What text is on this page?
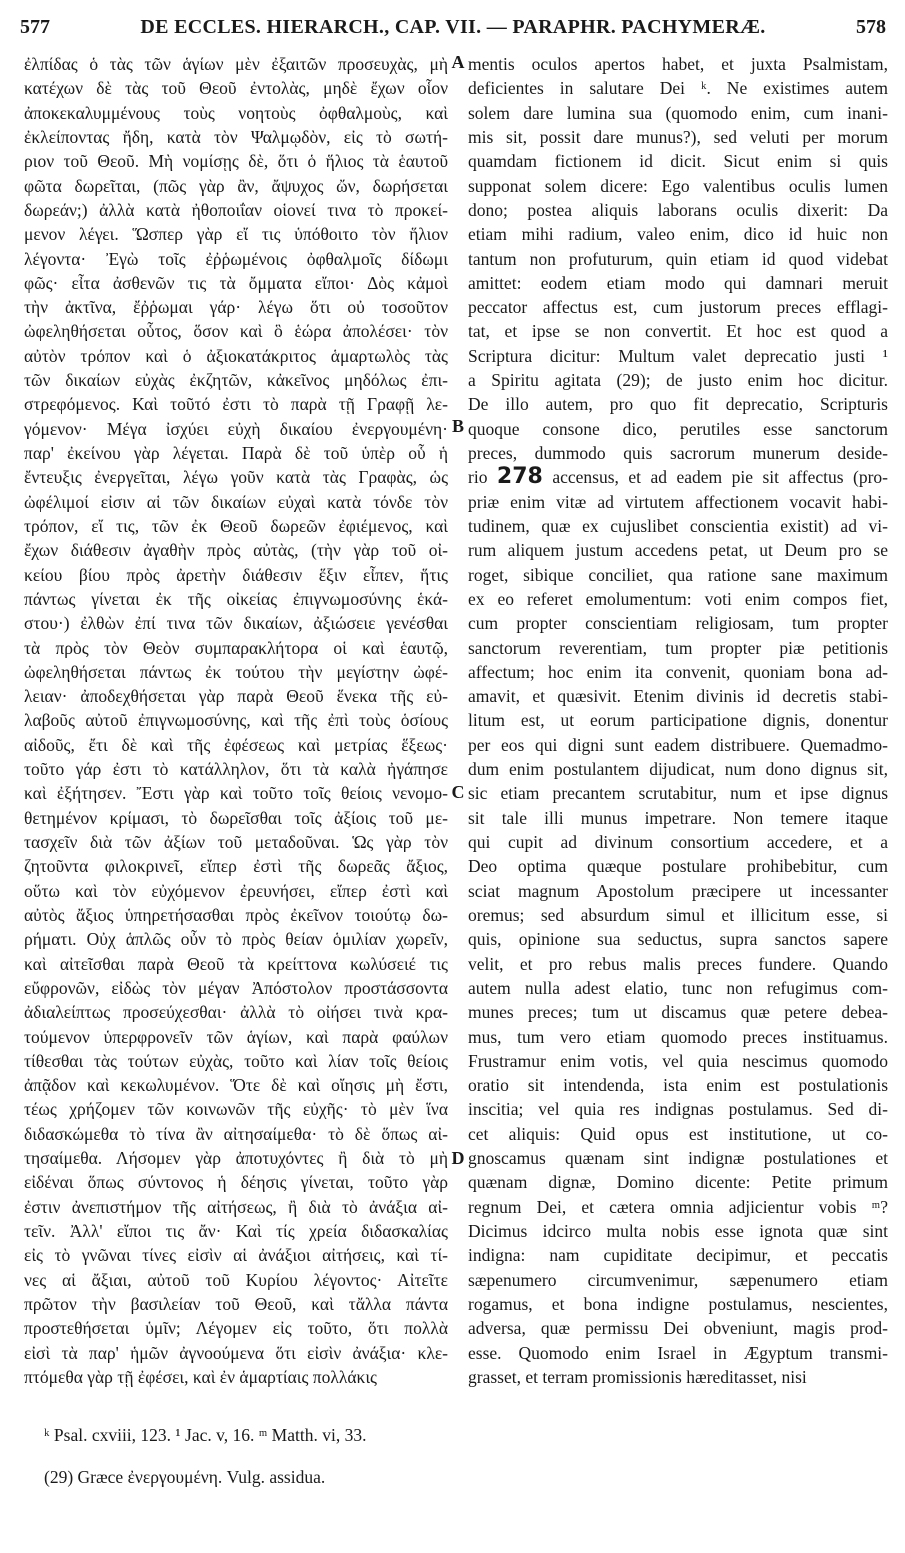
577	DE ECCLES. HIERARCH., CAP. VII. — PARAPHR. PACHYMERÆ.	578
ἐλπίδας ὁ τὰς τῶν ἁγίων μὲν ἐξαιτῶν προσευχὰς, μὴ
κατέχων δὲ τὰς τοῦ Θεοῦ ἐντολὰς, μηδὲ ἔχων οἷον
ἀποκεκαλυμμένους τοὺς νοητοὺς ὀφθαλμοὺς, καὶ
ἐκλείποντας ἤδη, κατὰ τὸν Ψαλμῳδὸν, εἰς τὸ σωτή-
ριον τοῦ Θεοῦ. Μὴ νομίσῃς δὲ, ὅτι ὁ ἥλιος τὰ ἑαυτοῦ
φῶτα δωρεῖται, (πῶς γὰρ ἂν, ἄψυχος ὤν, δωρήσεται
δωρεάν;) ἀλλὰ κατὰ ἠθοποιΐαν οἱονεί τινα τὸ προκεί-
μενον λέγει. Ὥσπερ γὰρ εἴ τις ὑπόθοιτο τὸν ἥλιον
λέγοντα· Ἐγὼ τοῖς ἐῤῥωμένοις ὀφθαλμοῖς δίδωμι
φῶς· εἶτα ἀσθενῶν τις τὰ ὄμματα εἴποι· Δὸς κἀμοὶ
τὴν ἀκτῖνα, ἔῤῥωμαι γάρ· λέγω ὅτι οὐ τοσοῦτον
ὠφεληθήσεται οὗτος, ὅσον καὶ ὃ ἑώρα ἀπολέσει· τὸν
αὐτὸν τρόπον καὶ ὁ ἀξιοκατάκριτος ἁμαρτωλὸς τὰς
τῶν δικαίων εὐχὰς ἐκζητῶν, κἀκεῖνος μηδόλως ἐπι-
στρεφόμενος. Καὶ τοῦτό ἐστι τὸ παρὰ τῇ Γραφῇ λε-
γόμενον· Μέγα ἰσχύει εὐχὴ δικαίου ἐνεργουμένη·
παρ' ἐκείνου γὰρ λέγεται. Παρὰ δὲ τοῦ ὑπὲρ οὗ ἡ
ἔντευξις ἐνεργεῖται, λέγω γοῦν κατὰ τὰς Γραφὰς, ὡς
ὠφέλιμοί εἰσιν αἱ τῶν δικαίων εὐχαὶ κατὰ τόνδε τὸν
τρόπον, εἴ τις, τῶν ἐκ Θεοῦ δωρεῶν ἐφιέμενος, καὶ
ἔχων διάθεσιν ἀγαθὴν πρὸς αὐτὰς, (τὴν γὰρ τοῦ οἰ-
κείου βίου πρὸς ἀρετὴν διάθεσιν ἕξιν εἶπεν, ἥτις
πάντως γίνεται ἐκ τῆς οἰκείας ἐπιγνωμοσύνης ἑκά-
στου·) ἐλθὼν ἐπί τινα τῶν δικαίων, ἀξιώσειε γενέσθαι
τὰ πρὸς τὸν Θεὸν συμπαρακλήτορα οἱ καὶ ἑαυτῷ,
ὠφεληθήσεται πάντως ἐκ τούτου τὴν μεγίστην ὠφέ-
λειαν· ἀποδεχθήσεται γὰρ παρὰ Θεοῦ ἕνεκα τῆς εὐ-
λαβοῦς αὐτοῦ ἐπιγνωμοσύνης, καὶ τῆς ἐπὶ τοὺς ὁσίους
αἰδοῦς, ἔτι δὲ καὶ τῆς ἐφέσεως καὶ μετρίας ἕξεως·
τοῦτο γάρ ἐστι τὸ κατάλληλον, ὅτι τὰ καλὰ ἠγάπησε
καὶ ἐξήτησεν. Ἔστι γὰρ καὶ τοῦτο τοῖς θείοις νενομο-
θετημένον κρίμασι, τὸ δωρεῖσθαι τοῖς ἀξίοις τοῦ με-
τασχεῖν διὰ τῶν ἀξίων τοῦ μεταδοῦναι. Ὡς γὰρ τὸν
ζητοῦντα φιλοκρινεῖ, εἴπερ ἐστὶ τῆς δωρεᾶς ἄξιος,
οὕτω καὶ τὸν εὐχόμενον ἐρευνήσει, εἴπερ ἐστὶ καὶ
αὐτὸς ἄξιος ὑπηρετήσασθαι πρὸς ἐκεῖνον τοιούτῳ δω-
ρήματι. Οὐχ ἁπλῶς οὖν τὸ πρὸς θείαν ὁμιλίαν χωρεῖν,
καὶ αἰτεῖσθαι παρὰ Θεοῦ τὰ κρείττονα κωλύσειέ τις
εὔφρονῶν, εἰδὼς τὸν μέγαν Ἀπόστολον προστάσσοντα
ἀδιαλείπτως προσεύχεσθαι· ἀλλὰ τὸ οἰήσει τινὰ κρα-
τούμενον ὑπερφρονεῖν τῶν ἁγίων, καὶ παρὰ φαύλων
τίθεσθαι τὰς τούτων εὐχὰς, τοῦτο καὶ λίαν τοῖς θείοις
ἀπᾷδον καὶ κεκωλυμένον. Ὅτε δὲ καὶ οἴησις μὴ ἔστι,
τέως χρήζομεν τῶν κοινωνῶν τῆς εὐχῆς· τὸ μὲν ἵνα
διδασκώμεθα τὸ τίνα ἂν αἰτησαίμεθα· τὸ δὲ ὅπως αἰ-
τησαίμεθα. Λήσομεν γὰρ ἀποτυχόντες ἢ διὰ τὸ μὴ
εἰδέναι ὅπως σύντονος ἡ δέησις γίνεται, τοῦτο γὰρ
ἐστιν ἀνεπιστήμον τῆς αἰτήσεως, ἢ διὰ τὸ ἀνάξια αἰ-
τεῖν. Ἀλλ' εἴποι τις ἄν· Καὶ τίς χρεία διδασκαλίας
εἰς τὸ γνῶναι τίνες εἰσὶν αἱ ἀνάξιοι αἰτήσεις, καὶ τί-
νες αἱ ἄξιαι, αὐτοῦ τοῦ Κυρίου λέγοντος· Αἰτεῖτε
πρῶτον τὴν βασιλείαν τοῦ Θεοῦ, καὶ τἄλλα πάντα
προστεθήσεται ὑμῖν; Λέγομεν εἰς τοῦτο, ὅτι πολλὰ
εἰσὶ τὰ παρ' ἡμῶν ἀγνοούμενα ὅτι εἰσὶν ἀνάξια· κλε-
πτόμεθα γὰρ τῇ ἐφέσει, καὶ ἐν ἁμαρτίαις πολλάκις
mentis oculos apertos habet, et juxta Psalmistam,
deficientes in salutare Dei ᵏ. Ne existimes autem
solem dare lumina sua (quomodo enim, cum inani-
mis sit, possit dare munus?), sed veluti per morum
quamdam fictionem id dicit. Sicut enim si quis
supponat solem dicere: Ego valentibus oculis lumen
dono; postea aliquis laborans oculis dixerit: Da
etiam mihi radium, valeo enim, dico id huic non
tantum non profuturum, quin etiam id quod videbat
amittet: eodem etiam modo qui damnari meruit
peccator affectus est, cum justorum preces efflagi-
tat, et ipse se non convertit. Et hoc est quod a
Scriptura dicitur: Multum valet deprecatio justi ¹
a Spiritu agitata (29); de justo enim hoc dicitur.
De illo autem, pro quo fit deprecatio, Scripturis
quoque consone dico, perutiles esse sanctorum
preces, dummodo quis sacrorum munerum deside-
rio 278 accensus, et ad eadem pie sit affectus (pro-
priæ enim vitæ ad virtutem affectionem vocavit habi-
tudinem, quæ ex cujuslibet conscientia existit) ad vi-
rum aliquem justum accedens petat, ut Deum pro se
roget, sibique conciliet, qua ratione sane maximum
ex eo referet emolumentum: voti enim compos fiet,
cum propter conscientiam religiosam, tum propter
sanctorum reverentiam, tum propter piæ petitionis
affectum; hoc enim ita convenit, quoniam bona ad-
amavit, et quæsivit. Etenim divinis id decretis stabi-
litum est, ut eorum participatione dignis, donentur
per eos qui digni sunt eadem distribuere. Quemadmo-
dum enim postulantem dijudicat, num dono dignus sit,
sic etiam precantem scrutabitur, num et ipse dignus
sit tale illi munus impetrare. Non temere itaque
qui cupit ad divinum consortium accedere, et a
Deo optima quæque postulare prohibebitur, cum
sciat magnum Apostolum præcipere ut incessanter
oremus; sed absurdum simul et illicitum esse, si
quis, opinione sua seductus, supra sanctos sapere
velit, et pro rebus malis preces fundere. Quando
autem nulla adest elatio, tunc non refugimus com-
munes preces; tum ut discamus quæ petere debea-
mus, tum vero etiam quomodo preces instituamus.
Frustramur enim votis, vel quia nescimus quomodo
oratio sit intendenda, ista enim est postulationis
inscitia; vel quia res indignas postulamus. Sed di-
cet aliquis: Quid opus est institutione, ut co-
gnoscamus quænam sint indignæ postulationes et
quænam dignæ, Domino dicente: Petite primum
regnum Dei, et cætera omnia adjicientur vobis ᵐ?
Dicimus idcirco multa nobis esse ignota quæ sint
indigna: nam cupiditate decipimur, et peccatis
sæpenumero circumvenimur, sæpenumero etiam
rogamus, et bona indigne postulamus, nescientes,
adversa, quæ permissu Dei obveniunt, magis prod-
esse. Quomodo enim Israel in Ægyptum transmi-
grasset, et terram promissionis hæreditasset, nisi
A
B
C
D
ᵏ Psal. cxviii, 123. ¹ Jac. v, 16. ᵐ Matth. vi, 33.
(29) Græce ἐνεργουμένη. Vulg. assidua.
